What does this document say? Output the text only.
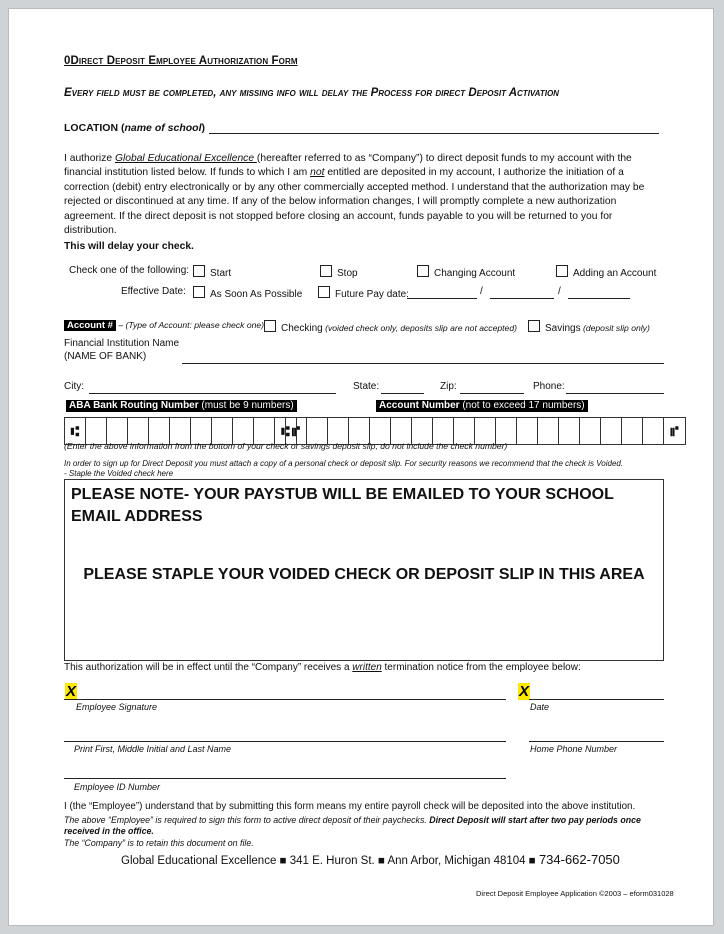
0Direct Deposit Employee Authorization Form
Every field must be completed, any missing info will delay the Process for direct Deposit Activation
LOCATION (name of school)
I authorize Global Educational Excellence (hereafter referred to as “Company”) to direct deposit funds to my account with the financial institution listed below. If funds to which I am not entitled are deposited in my account, I authorize the initiation of a correction (debit) entry electronically or by any other commercially accepted method. I understand that the authorization may be rejected or discontinued at any time. If any of the below information changes, I will promptly complete a new authorization agreement. If the direct deposit is not stopped before closing an account, funds payable to you will be returned to you for distribution.
This will delay your check.
Check one of the following:	Start	Stop	Changing Account	Adding an Account
Effective Date:	As Soon As Possible	Future Pay date:	/	/
Account # – (Type of Account: please check one)	Checking (voided check only, deposits slip are not accepted)	Savings (deposit slip only)
Financial Institution Name
(NAME OF BANK)
City:	State:	Zip:	Phone:
ABA Bank Routing Number (must be 9 numbers)	Account Number (not to exceed 17 numbers)
⑆	⑆ ⑈	⑈
(Enter the above information from the bottom of your check or savings deposit slip, do not include the check number)
In order to sign up for Direct Deposit you must attach a copy of a personal check or deposit slip. For security reasons we recommend that the check is Voided.
- Staple the Voided check here
PLEASE NOTE- YOUR PAYSTUB WILL BE EMAILED TO YOUR SCHOOL EMAIL ADDRESS
PLEASE STAPLE YOUR VOIDED CHECK OR DEPOSIT SLIP IN THIS AREA
This authorization will be in effect until the “Company” receives a written termination notice from the employee below:
X
Employee Signature
X
Date
Print First, Middle Initial and Last Name	Home Phone Number
Employee ID Number
I (the “Employee”) understand that by submitting this form means my entire payroll check will be deposited into the above institution.
The above “Employee” is required to sign this form to active direct deposit of their paychecks. Direct Deposit will start after two pay periods once received in the office.
The “Company” is to retain this document on file.
Global Educational Excellence ■ 341 E. Huron St. ■ Ann Arbor, Michigan 48104 ■ 734-662-7050
Direct Deposit Employee Application ©2003 – eform031028
